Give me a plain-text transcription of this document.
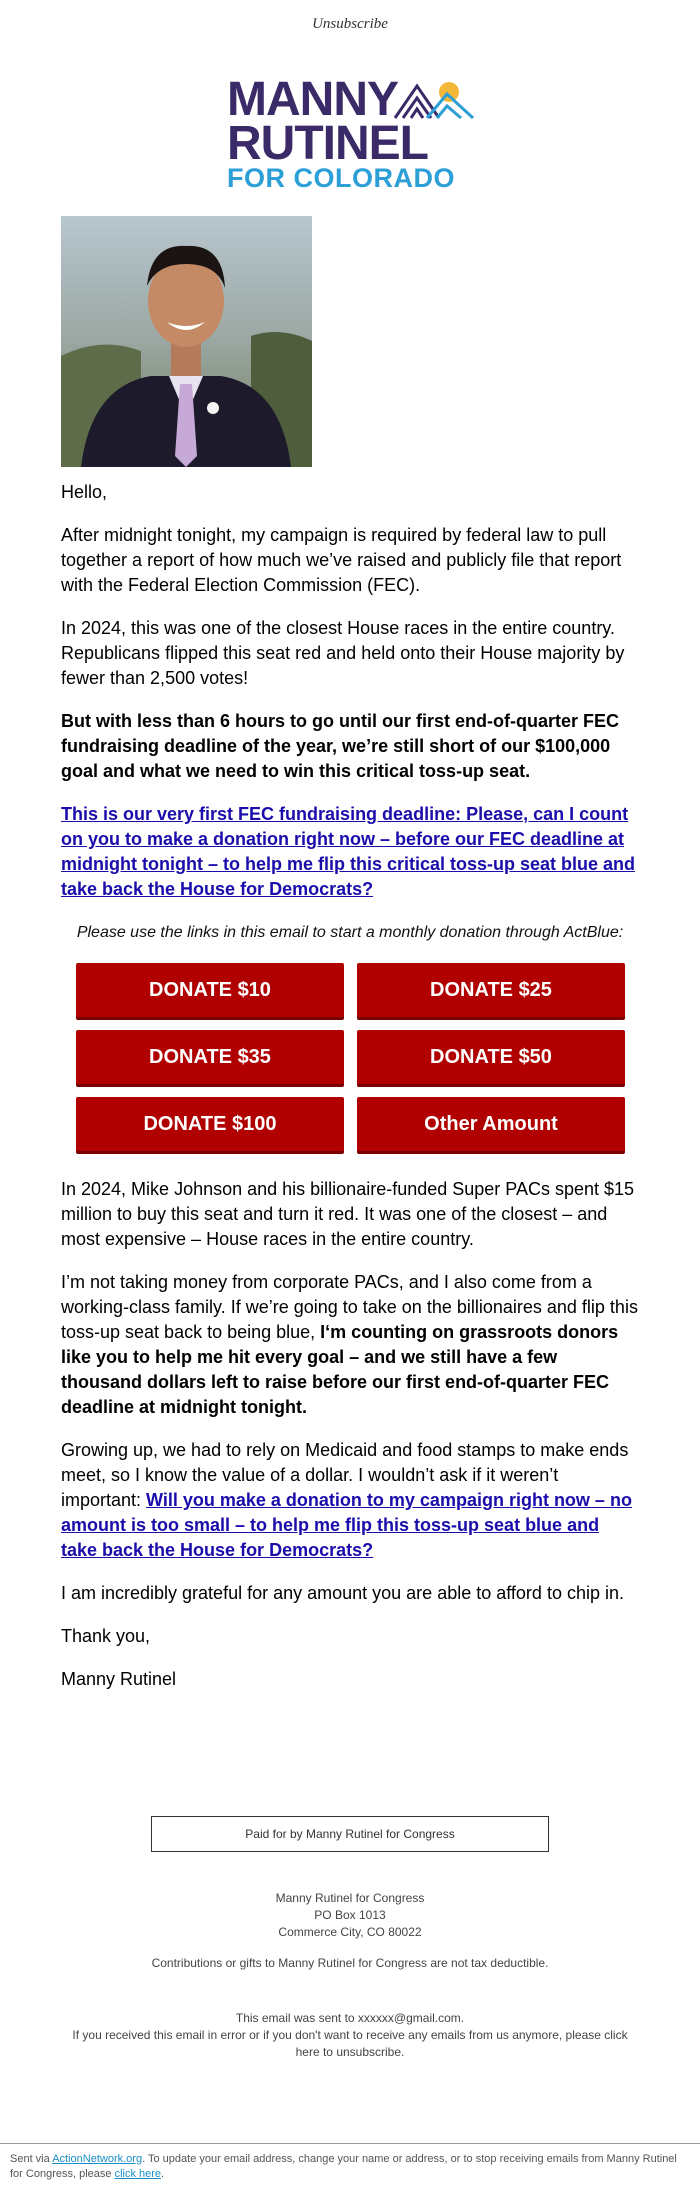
Unsubscribe
MANNY
RUTINEL
FOR COLORADO

Hello,

After midnight tonight, my campaign is required by federal law to pull together a report of how much we’ve raised and publicly file that report with the Federal Election Commission (FEC).

In 2024, this was one of the closest House races in the entire country. Republicans flipped this seat red and held onto their House majority by fewer than 2,500 votes!

But with less than 6 hours to go until our first end-of-quarter FEC fundraising deadline of the year, we’re still short of our $100,000 goal and what we need to win this critical toss-up seat.

This is our very first FEC fundraising deadline: Please, can I count on you to make a donation right now – before our FEC deadline at midnight tonight – to help me flip this critical toss-up seat blue and take back the House for Democrats?

Please use the links in this email to start a monthly donation through ActBlue:

DONATE $10	DONATE $25
DONATE $35	DONATE $50
DONATE $100	Other Amount

In 2024, Mike Johnson and his billionaire-funded Super PACs spent $15 million to buy this seat and turn it red. It was one of the closest – and most expensive – House races in the entire country.

I’m not taking money from corporate PACs, and I also come from a working-class family. If we’re going to take on the billionaires and flip this toss-up seat back to being blue, I‘m counting on grassroots donors like you to help me hit every goal – and we still have a few thousand dollars left to raise before our first end-of-quarter FEC deadline at midnight tonight.

Growing up, we had to rely on Medicaid and food stamps to make ends meet, so I know the value of a dollar. I wouldn’t ask if it weren’t important: Will you make a donation to my campaign right now – no amount is too small – to help me flip this toss-up seat blue and take back the House for Democrats?

I am incredibly grateful for any amount you are able to afford to chip in.

Thank you,

Manny Rutinel

Paid for by Manny Rutinel for Congress
Manny Rutinel for Congress
PO Box 1013
Commerce City, CO 80022
Contributions or gifts to Manny Rutinel for Congress are not tax deductible.
This email was sent to xxxxxx@gmail.com.
If you received this email in error or if you don't want to receive any emails from us anymore, please click here to unsubscribe.
Sent via ActionNetwork.org. To update your email address, change your name or address, or to stop receiving emails from Manny Rutinel for Congress, please click here.
